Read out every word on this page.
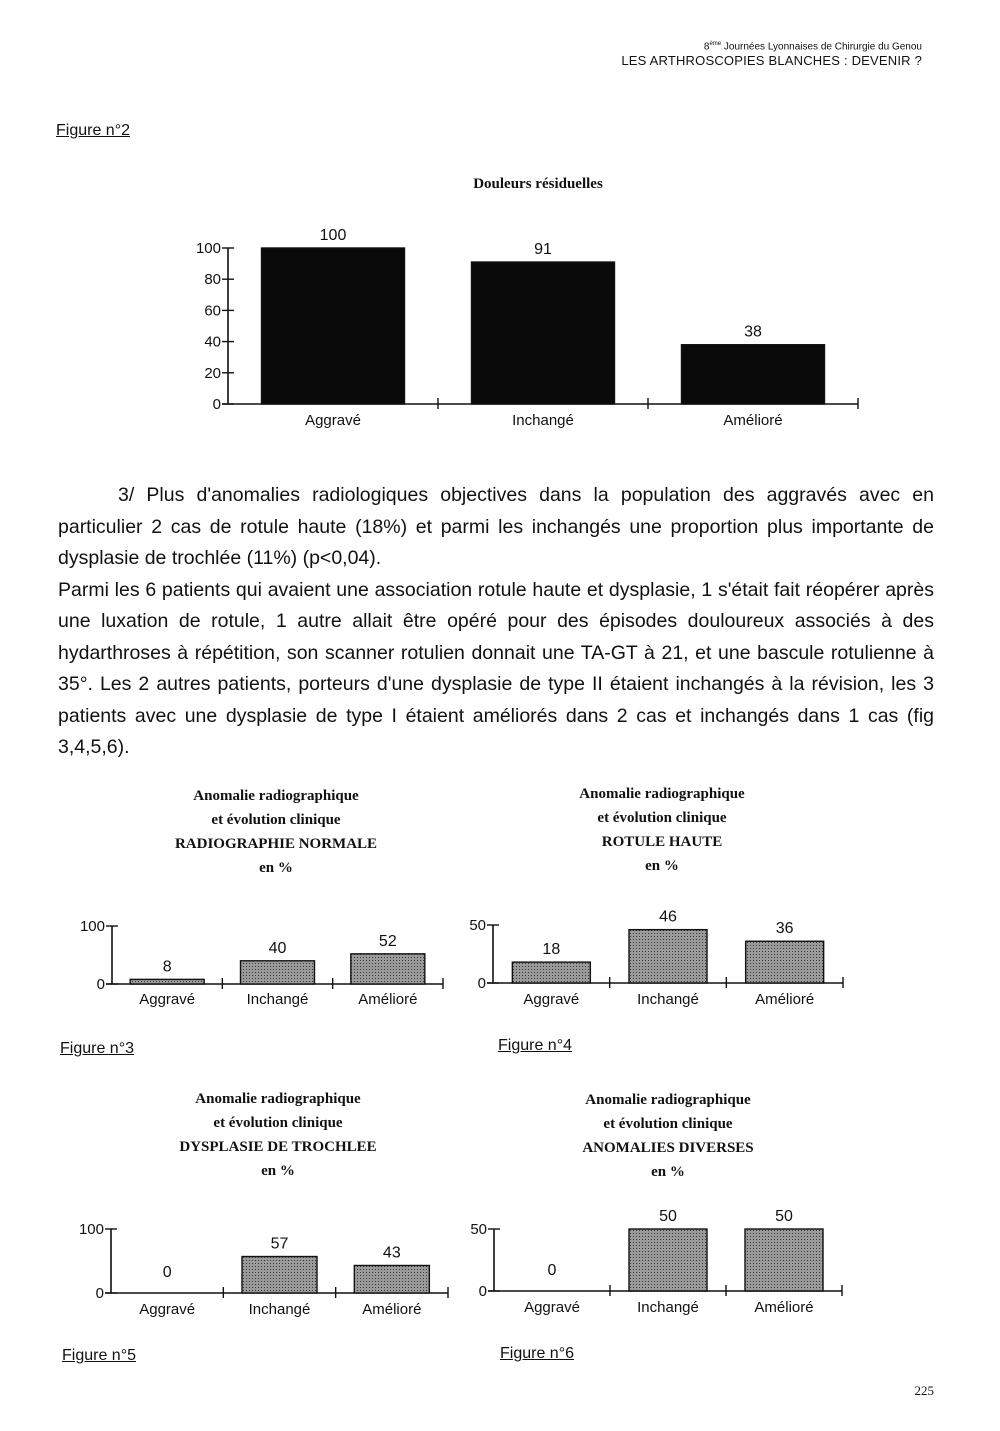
8ème Journées Lyonnaises de Chirurgie du Genou
LES ARTHROSCOPIES BLANCHES : DEVENIR ?
Figure n°2
Douleurs résiduelles
0
20
40
60
80
100
100
Aggravé
91
Inchangé
38
Amélioré

3/ Plus d'anomalies radiologiques objectives dans la population des aggravés avec en particulier 2 cas de rotule haute (18%) et parmi les inchangés une proportion plus importante de dysplasie de trochlée (11%) (p<0,04).

Parmi les 6 patients qui avaient une association rotule haute et dysplasie, 1 s'était fait réopérer après une luxation de rotule, 1 autre allait être opéré pour des épisodes douloureux associés à des hydarthroses à répétition, son scanner rotulien donnait une TA-GT à 21, et une bascule rotulienne à 35°. Les 2 autres patients, porteurs d'une dysplasie de type II étaient inchangés à la révision, les 3 patients avec une dysplasie de type I étaient améliorés dans 2 cas et inchangés dans 1 cas (fig 3,4,5,6).

Anomalie radiographique
et évolution clinique
RADIOGRAPHIE NORMALE
en %
0
100
8
Aggravé
40
Inchangé
52
Amélioré
Figure n°3
Anomalie radiographique
et évolution clinique
ROTULE HAUTE
en %
0
50
18
Aggravé
46
Inchangé
36
Amélioré
Figure n°4
Anomalie radiographique
et évolution clinique
DYSPLASIE DE TROCHLEE
en %
0
100
0
Aggravé
57
Inchangé
43
Amélioré
Figure n°5
Anomalie radiographique
et évolution clinique
ANOMALIES DIVERSES
en %
0
50
0
Aggravé
50
Inchangé
50
Amélioré
Figure n°6
225
